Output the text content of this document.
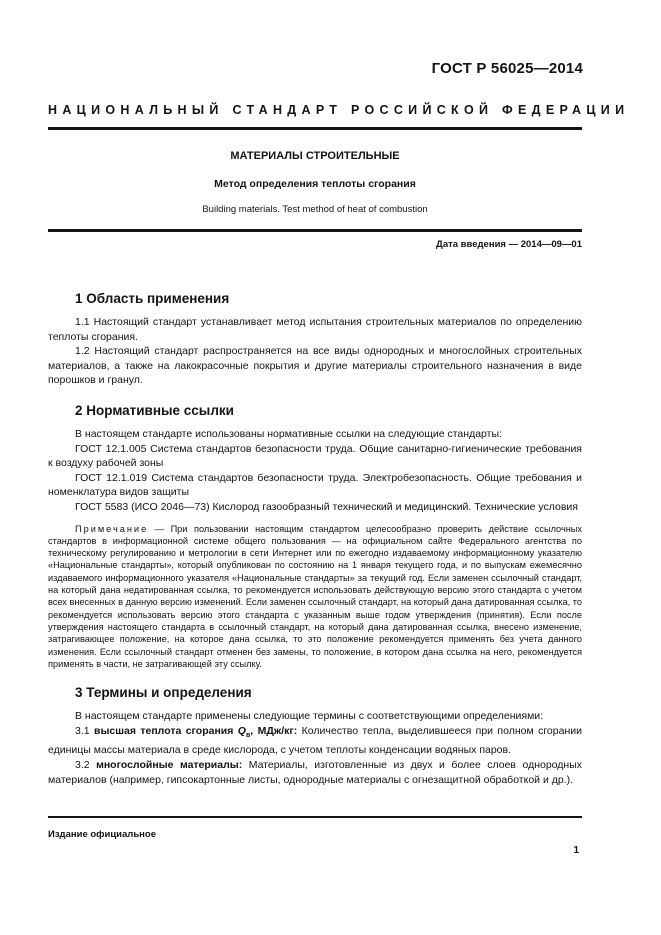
ГОСТ Р 56025—2014
НАЦИОНАЛЬНЫЙ СТАНДАРТ РОССИЙСКОЙ ФЕДЕРАЦИИ
МАТЕРИАЛЫ СТРОИТЕЛЬНЫЕ
Метод определения теплоты сгорания
Building materials. Test method of heat of combustion
Дата введения — 2014—09—01
1 Область применения

1.1 Настоящий стандарт устанавливает метод испытания строительных материалов по определению теплоты сгорания.

1.2 Настоящий стандарт распространяется на все виды однородных и многослойных строительных материалов, а также на лакокрасочные покрытия и другие материалы строительного назначения в виде порошков и гранул.

2 Нормативные ссылки

В настоящем стандарте использованы нормативные ссылки на следующие стандарты:

ГОСТ 12.1.005 Система стандартов безопасности труда. Общие санитарно-гигиенические требования к воздуху рабочей зоны

ГОСТ 12.1.019 Система стандартов безопасности труда. Электробезопасность. Общие требования и номенклатура видов защиты

ГОСТ 5583 (ИСО 2046—73) Кислород газообразный технический и медицинский. Технические условия

Примечание — При пользовании настоящим стандартом целесообразно проверить действие ссылочных стандартов в информационной системе общего пользования — на официальном сайте Федерального агентства по техническому регулированию и метрологии в сети Интернет или по ежегодно издаваемому информационному указателю «Национальные стандарты», который опубликован по состоянию на 1 января текущего года, и по выпускам ежемесячно издаваемого информационного указателя «Национальные стандарты» за текущий год. Если заменен ссылочный стандарт, на который дана недатированная ссылка, то рекомендуется использовать действующую версию этого стандарта с учетом всех внесенных в данную версию изменений. Если заменен ссылочный стандарт, на который дана датированная ссылка, то рекомендуется использовать версию этого стандарта с указанным выше годом утверждения (принятия). Если после утверждения настоящего стандарта в ссылочный стандарт, на который дана датированная ссылка, внесено изменение, затрагивающее положение, на которое дана ссылка, то это положение рекомендуется применять без учета данного изменения. Если ссылочный стандарт отменен без замены, то положение, в котором дана ссылка на него, рекомендуется применять в части, не затрагивающей эту ссылку.

3 Термины и определения

В настоящем стандарте применены следующие термины с соответствующими определениями:

3.1 высшая теплота сгорания $Q_в$, МДж/кг: Количество тепла, выделившееся при полном сгорании единицы массы материала в среде кислорода, с учетом теплоты конденсации водяных паров.

3.2 многослойные материалы: Материалы, изготовленные из двух и более слоев однородных материалов (например, гипсокартонные листы, однородные материалы с огнезащитной обработкой и др.).

Издание официальное
1
